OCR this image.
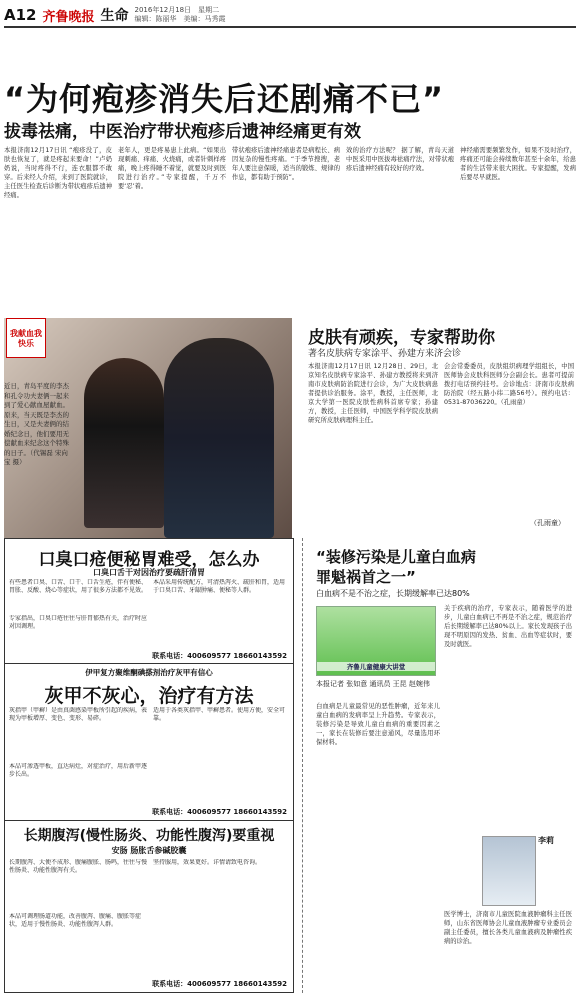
A12 齐鲁晚报 生命 2016年12月18日　星期二
编辑：陈丽华　美编：马秀霞
“为何疱疹消失后还剧痛不已”
拔毒祛痛，中医治疗带状疱疹后遗神经痛更有效
本报济南12月17日讯 “疱疹没了，皮肤也恢复了，就是疼起来要命！”卢奶奶说，当时疼得不行，连衣服都不敢穿。后来经人介绍，来到了医院就诊，主任医生检查后诊断为带状疱疹后遗神经痛。
老年人，更是疼易患上此病。“如果出现刺痛、痒痛、火烧痛，或者针刺样疼痛，晚上疼得睡不着觉，就要及时到医院进行治疗。”专家提醒，千万不要‘忍’着。
带状疱疹后遗神经痛患者是病程长、病因复杂的慢性疼痛。“于季节搜搜，老年人要注意保暖，适当的锻炼、规律的作息，都有助于预防”。
效的治疗方法呢？ 据了解，青岛天道中医采用中医拔毒祛痛疗法，对带状疱疹后遗神经痛有较好的疗效。
神经痛需要频繁发作，如果不及时治疗，疼痛还可能会持续数年甚至十余年，给患者的生活带来很大困扰。专家提醒，发病后要尽早就医。
我献血我快乐
近日，青岛平度的李杰和孔令功夫妻俩一起来到了爱心献血屋献血。原来，当天既是李杰的生日，又是夫妻俩的结婚纪念日，他们要用无偿献血来纪念这个特殊的日子。（代锡磊 宋向宝 摄）
皮肤有顽疾，专家帮助你
著名皮肤病专家涂平、孙建方来济会诊
本报济南12月17日讯 12月28日、29日，北京知名皮肤病专家涂平、孙建方教授将来到济南市皮肤病防治院进行会诊，为广大皮肤病患者提供诊治服务。涂平，教授，主任医师，北京大学第一医院皮肤性病科首席专家；孙建方，教授，主任医师，中国医学科学院皮肤病研究所皮肤病理科主任。
会会常委委员，皮肤组织病理学组组长，中国医师协会皮肤科医师分会副会长。患者可提前拨打电话预约挂号。会诊地点：济南市皮肤病防治院（经五路小纬二路56号）。预约电话：0531-87036220。（孔雨童）
（孔雨童）
口臭口疮便秘胃难受，怎么办
口臭口舌干对因治疗要疏肝清胃
有些患者口臭、口苦、口干、口舌生疮，伴有便秘、胃胀、反酸、烧心等症状，用了很多方法都不见效。
专家指出，口臭口疮往往与肝胃郁热有关，治疗时应对因调理。
本品采用传统配方，可清热泻火、疏肝和胃，适用于口臭口苦、牙龈肿痛、便秘等人群。
联系电话：400609577 18660143592
伊甲复方聚维酮碘搽剂治疗灰甲有信心
灰甲不灰心，治疗有方法
灰指甲（甲癣）是由真菌感染甲板所引起的疾病，表现为甲板增厚、变色、变形、易碎。
本品可渗透甲板，直达病灶，对症治疗，用后新甲逐步长出。
适用于各类灰指甲、甲癣患者。使用方便，安全可靠。
联系电话：400609577 18660143592
长期腹泻(慢性肠炎、功能性腹泻)要重视
安肠 肠胀舌参碱胶囊
长期腹泻、大便不成形、腹痛腹胀、肠鸣，往往与慢性肠炎、功能性腹泻有关。
本品可调理肠道功能，改善腹泻、腹痛、腹胀等症状，适用于慢性肠炎、功能性腹泻人群。
坚持服用，效果更好。详情请致电咨询。
联系电话：400609577 18660143592
“装修污染是儿童白血病
罪魁祸首之一”
白血病不是不治之症，长期缓解率已达80%
齐鲁儿童健康大讲堂
本报记者 张如意 通讯员 王昆 赵婉伟
关于疾病的治疗，专家表示，随着医学的进步，儿童白血病已不再是不治之症，规范治疗后长期缓解率已达80%以上。家长发现孩子出现不明原因的发热、贫血、出血等症状时，要及时就医。
白血病是儿童最常见的恶性肿瘤，近年来儿童白血病的发病率呈上升趋势。专家表示，装修污染是导致儿童白血病的重要因素之一，家长在装修后要注意通风，尽量选用环保材料。
李莉
医学博士，济南市儿童医院血液肿瘤科主任医师，山东省医师协会儿童血液肿瘤专业委员会副主任委员，擅长各类儿童血液病及肿瘤性疾病的诊治。
